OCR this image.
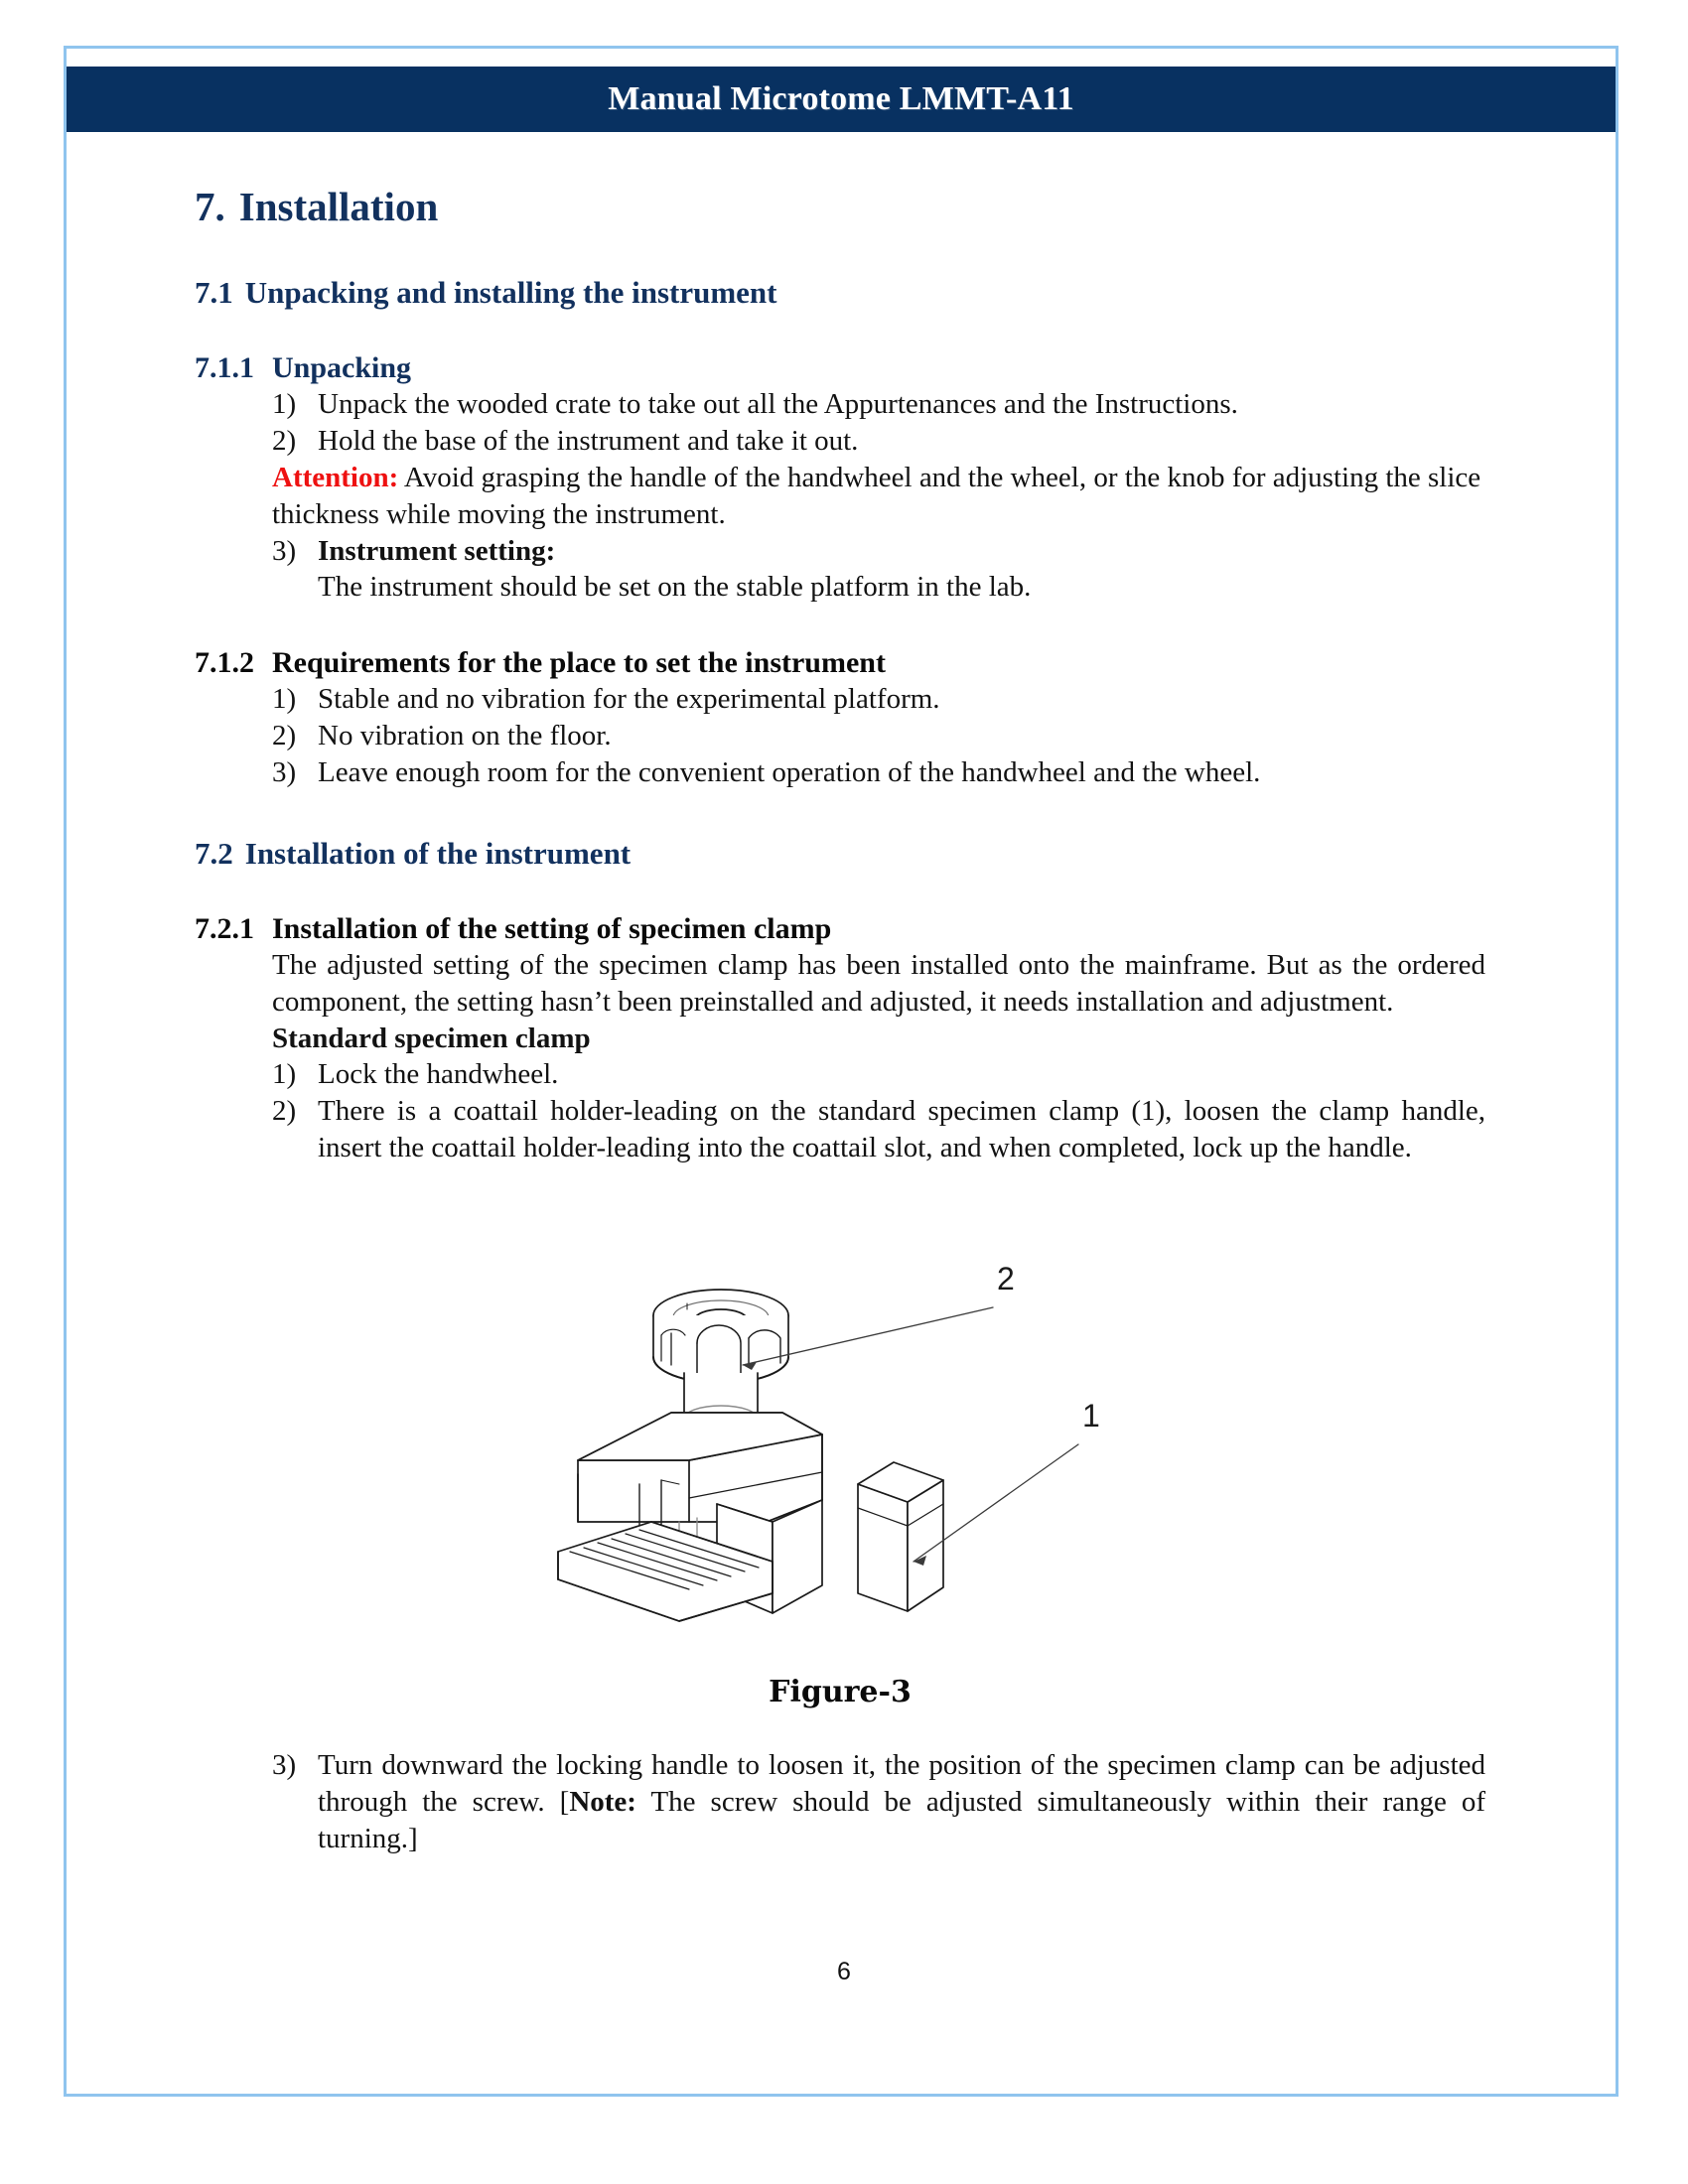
Manual Microtome LMMT-A11
7. Installation
7.1 Unpacking and installing the instrument
7.1.1 Unpacking
1) Unpack the wooded crate to take out all the Appurtenances and the Instructions.
2) Hold the base of the instrument and take it out.
Attention: Avoid grasping the handle of the handwheel and the wheel, or the knob for adjusting the slice thickness while moving the instrument.
3) Instrument setting:
The instrument should be set on the stable platform in the lab.
7.1.2 Requirements for the place to set the instrument
1) Stable and no vibration for the experimental platform.
2) No vibration on the floor.
3) Leave enough room for the convenient operation of the handwheel and the wheel.
7.2 Installation of the instrument
7.2.1 Installation of the setting of specimen clamp
The adjusted setting of the specimen clamp has been installed onto the mainframe. But as the ordered component, the setting hasn’t been preinstalled and adjusted, it needs installation and adjustment.
Standard specimen clamp
1) Lock the handwheel.
2) There is a coattail holder-leading on the standard specimen clamp (1), loosen the clamp handle, insert the coattail holder-leading into the coattail slot, and when completed, lock up the handle.
2
1
Figure-3
3) Turn downward the locking handle to loosen it, the position of the specimen clamp can be adjusted through the screw. [Note: The screw should be adjusted simultaneously within their range of turning.]
6
